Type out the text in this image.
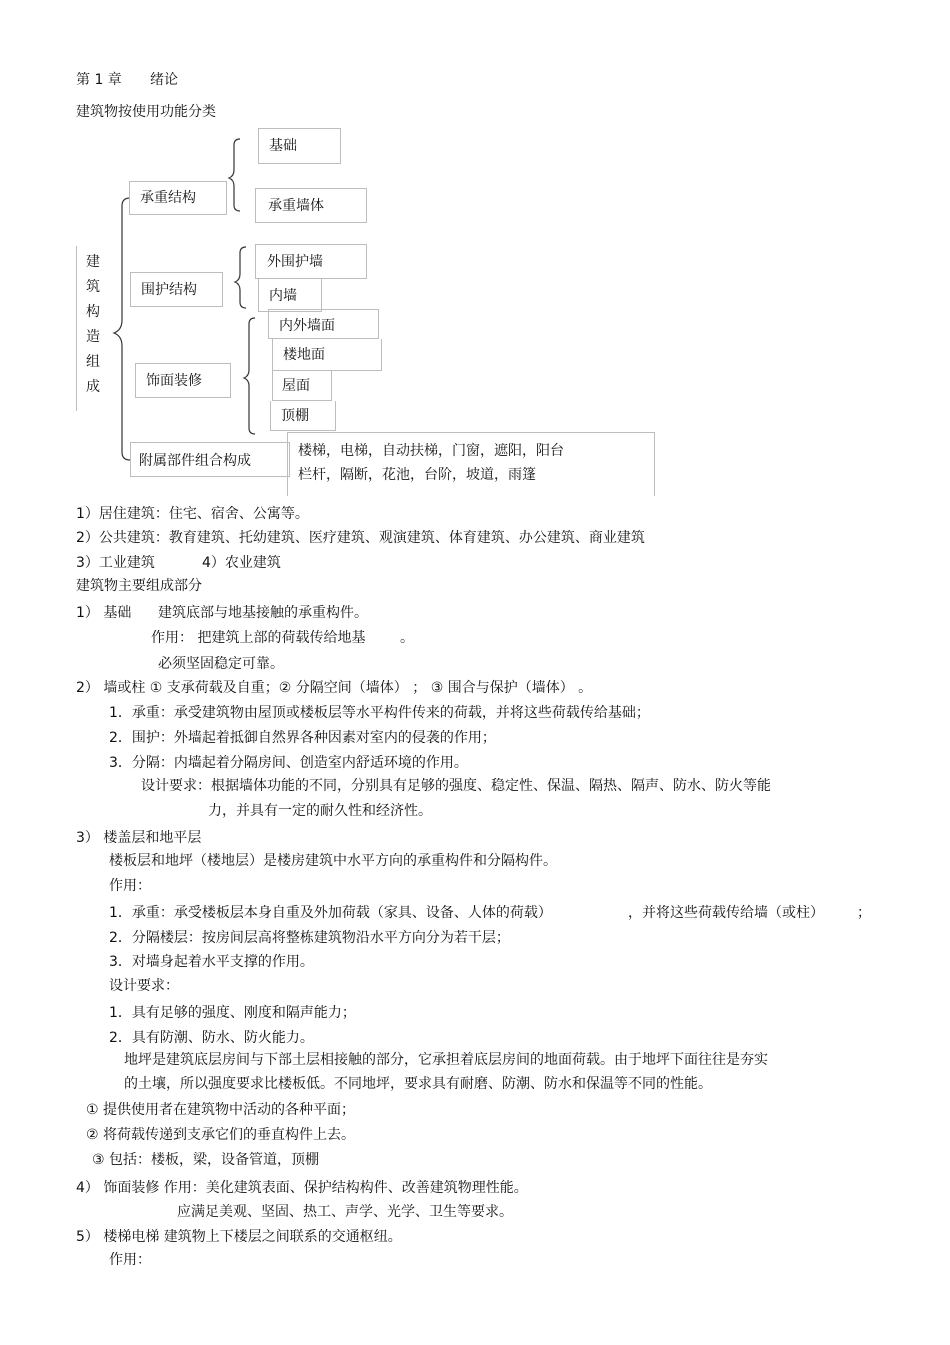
第 1 章 绪论
建筑物按使用功能分类
建
筑
构
造
组
成
承重结构
基础
承重墙体
围护结构
外围护墙
内墙
饰面装修
内外墙面
楼地面
屋面
顶棚
附属部件组合构成
楼梯，电梯，自动扶梯，门窗，遮阳，阳台
栏杆，隔断，花池，台阶，坡道，雨篷
1）居住建筑：住宅、宿舍、公寓等。
2）公共建筑：教育建筑、托幼建筑、医疗建筑、观演建筑、体育建筑、办公建筑、商业建筑
3）工业建筑	4）农业建筑
建筑物主要组成部分
1） 基础 建筑底部与地基接触的承重构件。
作用： 把建筑上部的荷载传给地基 。
必须坚固稳定可靠。
2） 墙或柱 ① 支承荷载及自重；② 分隔空间（墙体） ； ③ 围合与保护（墙体） 。
1．承重：承受建筑物由屋顶或楼板层等水平构件传来的荷载，并将这些荷载传给基础；
2．围护：外墙起着抵御自然界各种因素对室内的侵袭的作用；
3．分隔：内墙起着分隔房间、创造室内舒适环境的作用。
设计要求：根据墙体功能的不同，分别具有足够的强度、稳定性、保温、隔热、隔声、防水、防火等能
力，并具有一定的耐久性和经济性。
3） 楼盖层和地平层
楼板层和地坪（楼地层）是楼房建筑中水平方向的承重构件和分隔构件。
作用：
1．承重：承受楼板层本身自重及外加荷载（家具、设备、人体的荷载）	，并将这些荷载传给墙（或柱） ；
2．分隔楼层：按房间层高将整栋建筑物沿水平方向分为若干层；
3．对墙身起着水平支撑的作用。
设计要求：
1．具有足够的强度、刚度和隔声能力；
2．具有防潮、防水、防火能力。
地坪是建筑底层房间与下部土层相接触的部分，它承担着底层房间的地面荷载。由于地坪下面往往是夯实
的土壤，所以强度要求比楼板低。不同地坪，要求具有耐磨、防潮、防水和保温等不同的性能。
① 提供使用者在建筑物中活动的各种平面；
② 将荷载传递到支承它们的垂直构件上去。
③ 包括：楼板，梁，设备管道，顶棚
4） 饰面装修 作用：美化建筑表面、保护结构构件、改善建筑物理性能。
应满足美观、坚固、热工、声学、光学、卫生等要求。
5） 楼梯电梯 建筑物上下楼层之间联系的交通枢纽。
作用：
